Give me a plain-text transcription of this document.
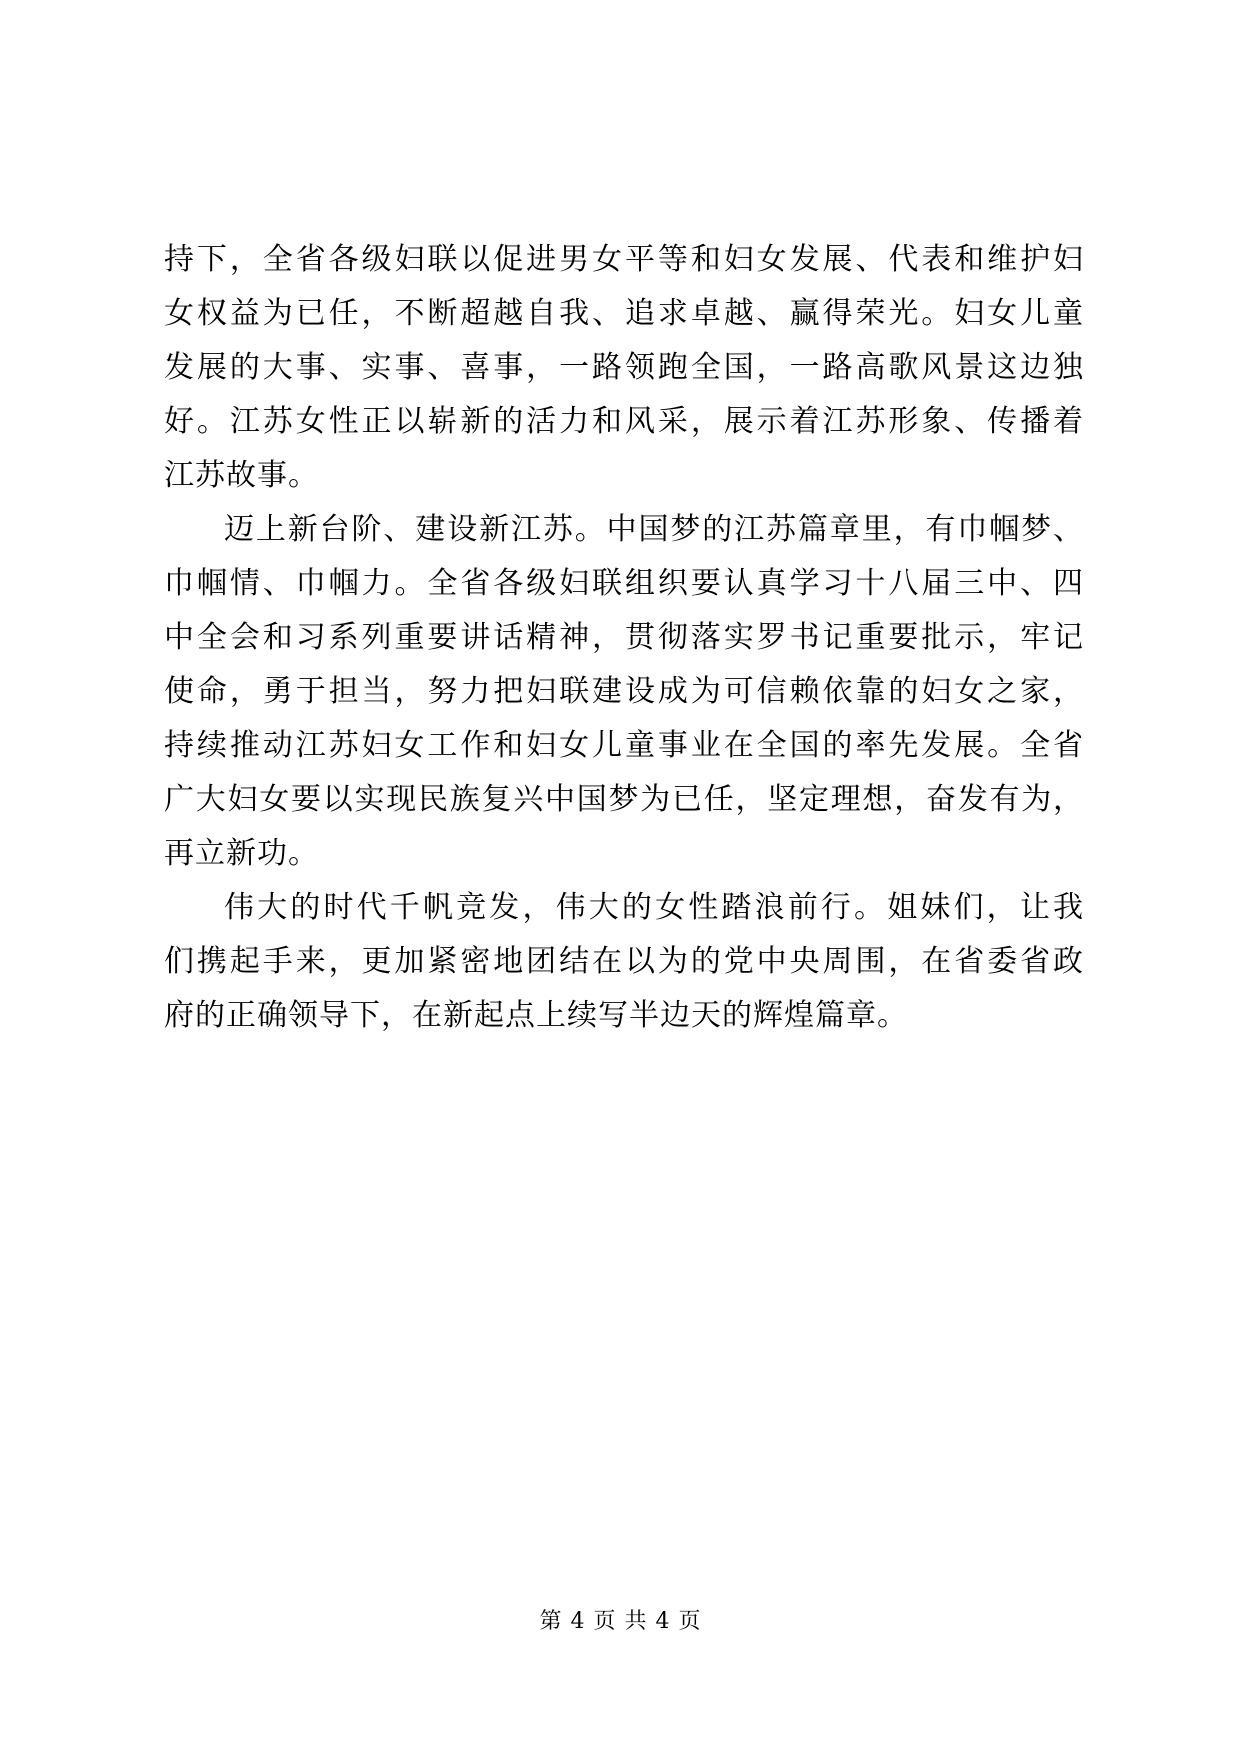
持下，全省各级妇联以促进男女平等和妇女发展、代表和维护妇
女权益为已任，不断超越自我、追求卓越、赢得荣光。妇女儿童
发展的大事、实事、喜事，一路领跑全国，一路高歌风景这边独
好。江苏女性正以崭新的活力和风采，展示着江苏形象、传播着
江苏故事。
迈上新台阶、建设新江苏。中国梦的江苏篇章里，有巾帼梦、
巾帼情、巾帼力。全省各级妇联组织要认真学习十八届三中、四
中全会和习系列重要讲话精神，贯彻落实罗书记重要批示，牢记
使命，勇于担当，努力把妇联建设成为可信赖依靠的妇女之家，
持续推动江苏妇女工作和妇女儿童事业在全国的率先发展。全省
广大妇女要以实现民族复兴中国梦为已任，坚定理想，奋发有为，
再立新功。
伟大的时代千帆竞发，伟大的女性踏浪前行。姐妹们，让我
们携起手来，更加紧密地团结在以为的党中央周围，在省委省政
府的正确领导下，在新起点上续写半边天的辉煌篇章。
第 4 页 共 4 页
